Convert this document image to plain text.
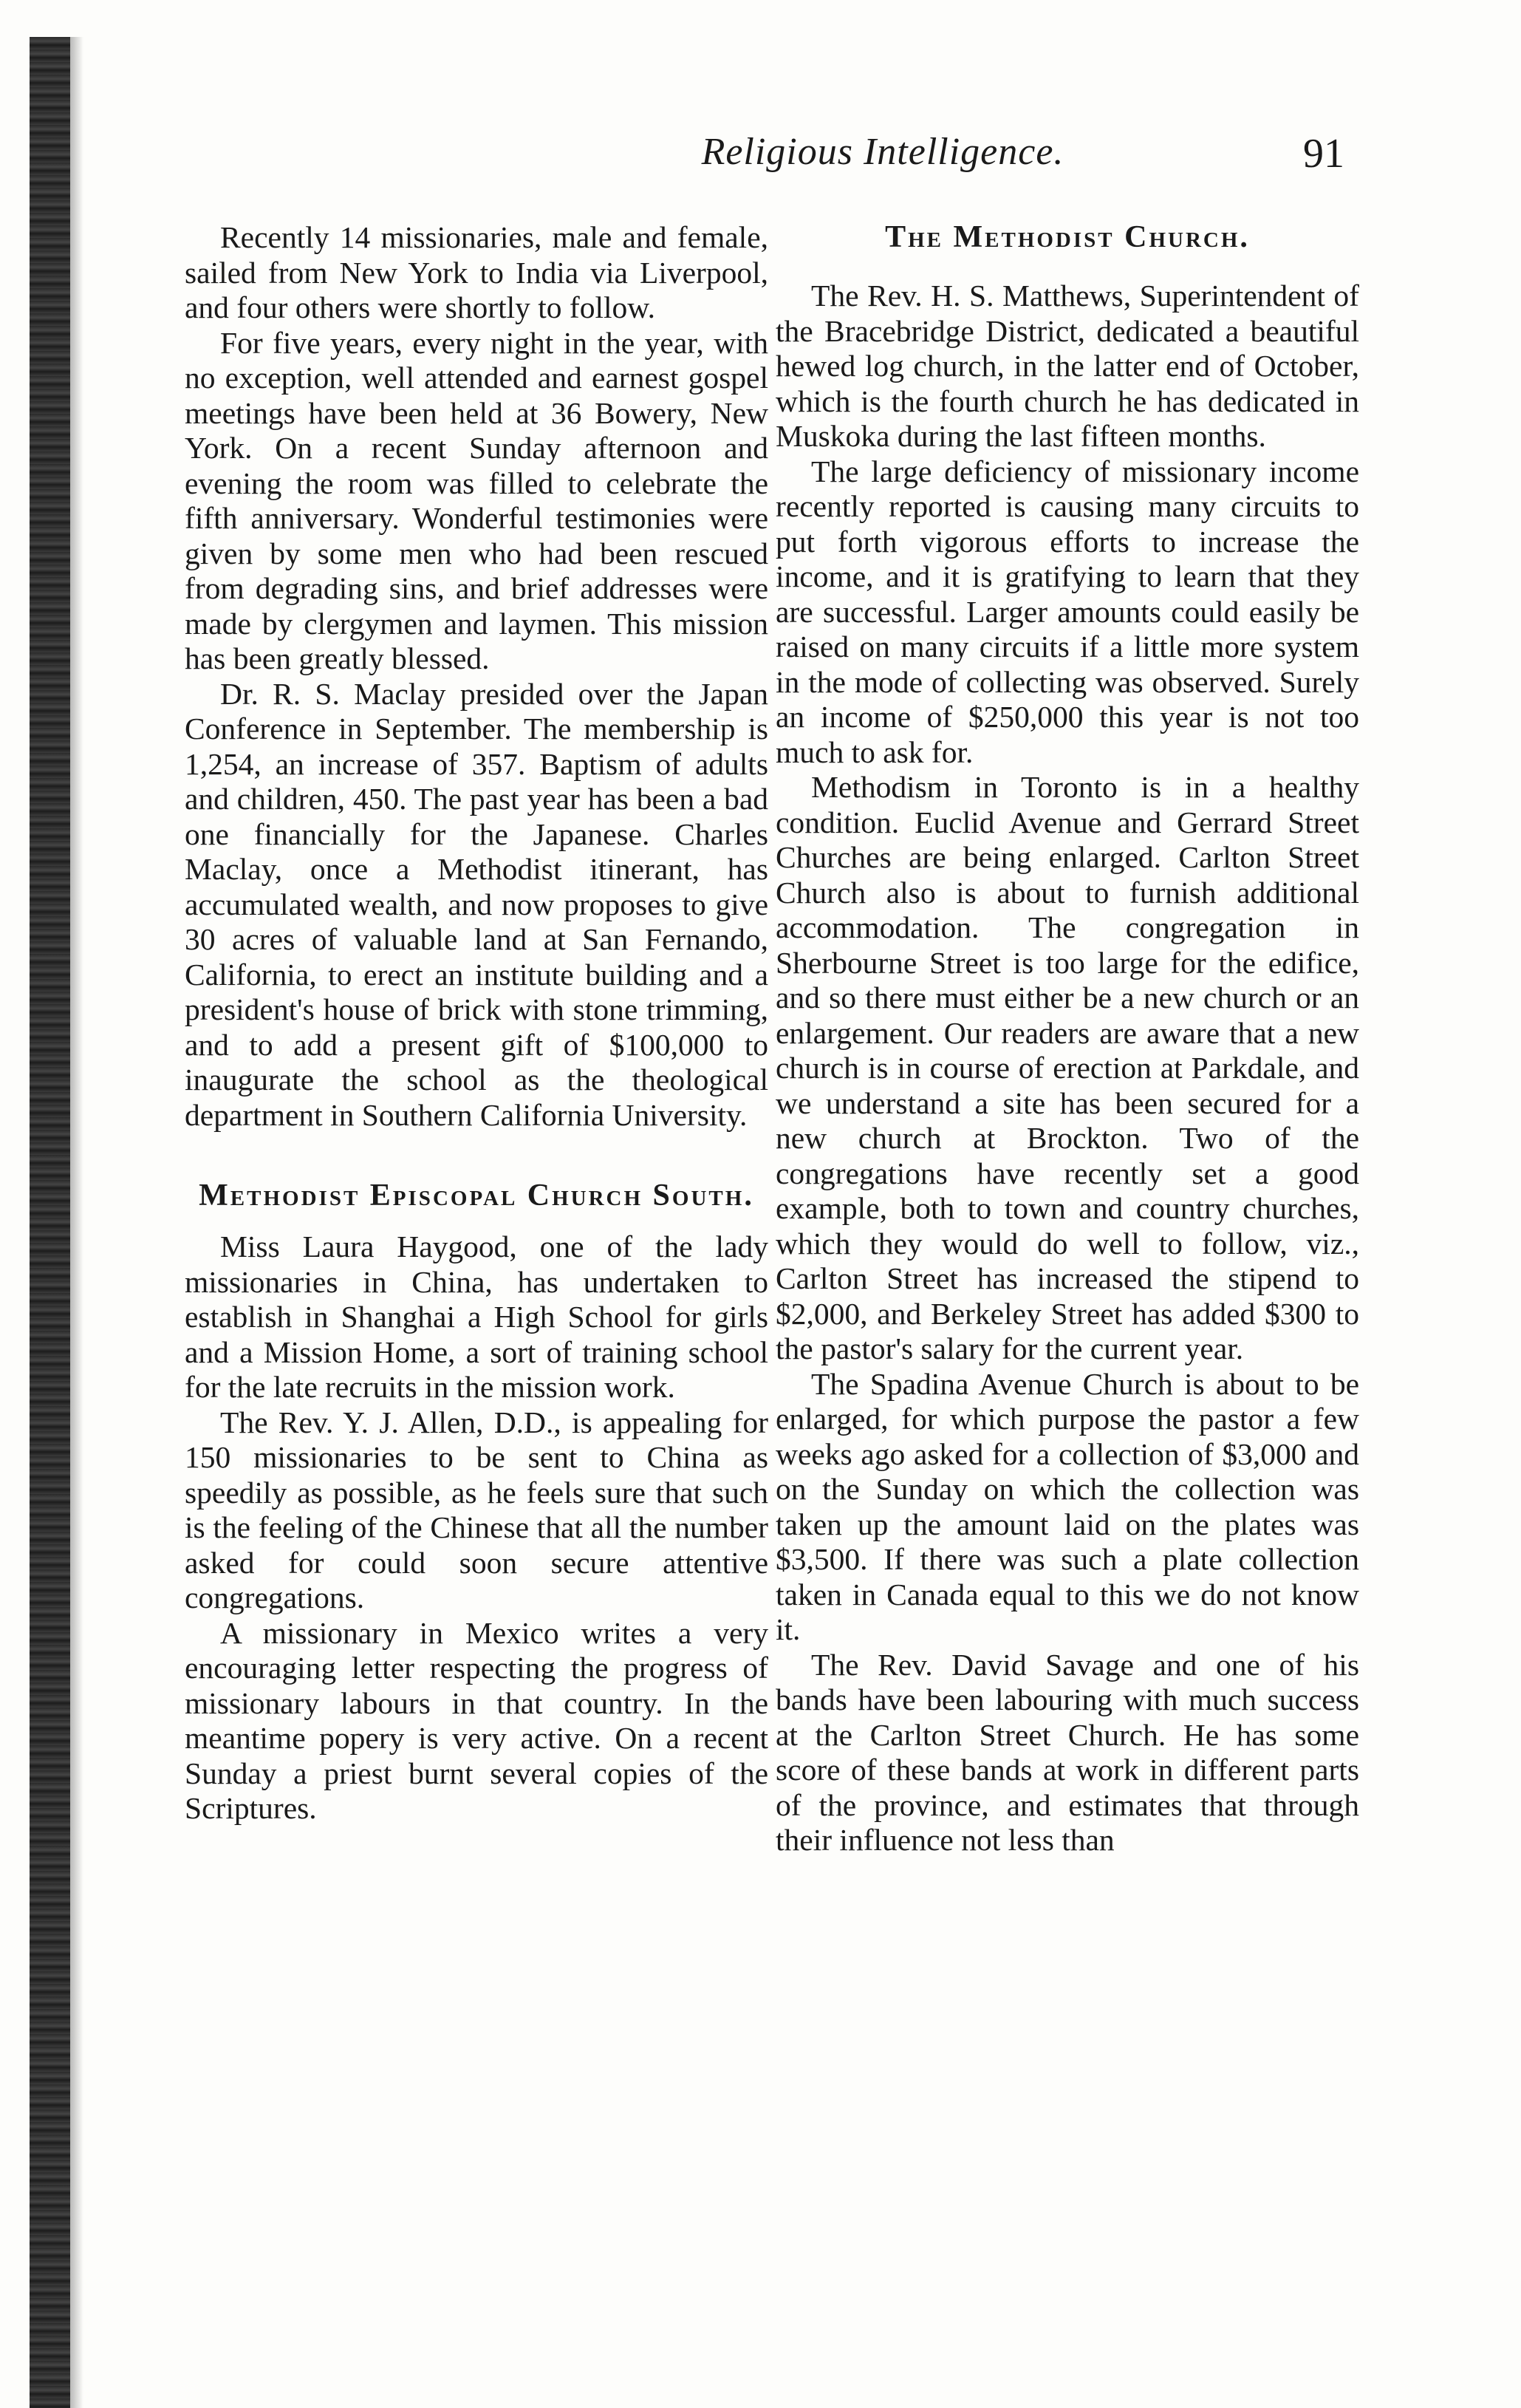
Religious Intelligence.	91

Recently 14 missionaries, male and female, sailed from New York to India via Liverpool, and four others were shortly to follow.

For five years, every night in the year, with no exception, well attended and earnest gospel meetings have been held at 36 Bowery, New York. On a recent Sunday afternoon and evening the room was filled to celebrate the fifth anniversary. Wonderful testimonies were given by some men who had been rescued from degrading sins, and brief addresses were made by clergymen and laymen. This mission has been greatly blessed.

Dr. R. S. Maclay presided over the Japan Conference in September. The membership is 1,254, an increase of 357. Baptism of adults and children, 450. The past year has been a bad one financially for the Japanese. Charles Maclay, once a Methodist itinerant, has accumulated wealth, and now proposes to give 30 acres of valuable land at San Fernando, California, to erect an institute building and a president's house of brick with stone trimming, and to add a present gift of $100,000 to inaugurate the school as the theological department in Southern California University.

Methodist Episcopal Church South.

Miss Laura Haygood, one of the lady missionaries in China, has undertaken to establish in Shanghai a High School for girls and a Mission Home, a sort of training school for the late recruits in the mission work.

The Rev. Y. J. Allen, D.D., is appealing for 150 missionaries to be sent to China as speedily as possible, as he feels sure that such is the feeling of the Chinese that all the number asked for could soon secure attentive congregations.

A missionary in Mexico writes a very encouraging letter respecting the progress of missionary labours in that country. In the meantime popery is very active. On a recent Sunday a priest burnt several copies of the Scriptures.

The Methodist Church.

The Rev. H. S. Matthews, Superintendent of the Bracebridge District, dedicated a beautiful hewed log church, in the latter end of October, which is the fourth church he has dedicated in Muskoka during the last fifteen months.

The large deficiency of missionary income recently reported is causing many circuits to put forth vigorous efforts to increase the income, and it is gratifying to learn that they are successful. Larger amounts could easily be raised on many circuits if a little more system in the mode of collecting was observed. Surely an income of $250,000 this year is not too much to ask for.

Methodism in Toronto is in a healthy condition. Euclid Avenue and Gerrard Street Churches are being enlarged. Carlton Street Church also is about to furnish additional accommodation. The congregation in Sherbourne Street is too large for the edifice, and so there must either be a new church or an enlargement. Our readers are aware that a new church is in course of erection at Parkdale, and we understand a site has been secured for a new church at Brockton. Two of the congregations have recently set a good example, both to town and country churches, which they would do well to follow, viz., Carlton Street has increased the stipend to $2,000, and Berkeley Street has added $300 to the pastor's salary for the current year.

The Spadina Avenue Church is about to be enlarged, for which purpose the pastor a few weeks ago asked for a collection of $3,000 and on the Sunday on which the collection was taken up the amount laid on the plates was $3,500. If there was such a plate collection taken in Canada equal to this we do not know it.

The Rev. David Savage and one of his bands have been labouring with much success at the Carlton Street Church. He has some score of these bands at work in different parts of the province, and estimates that through their influence not less than
